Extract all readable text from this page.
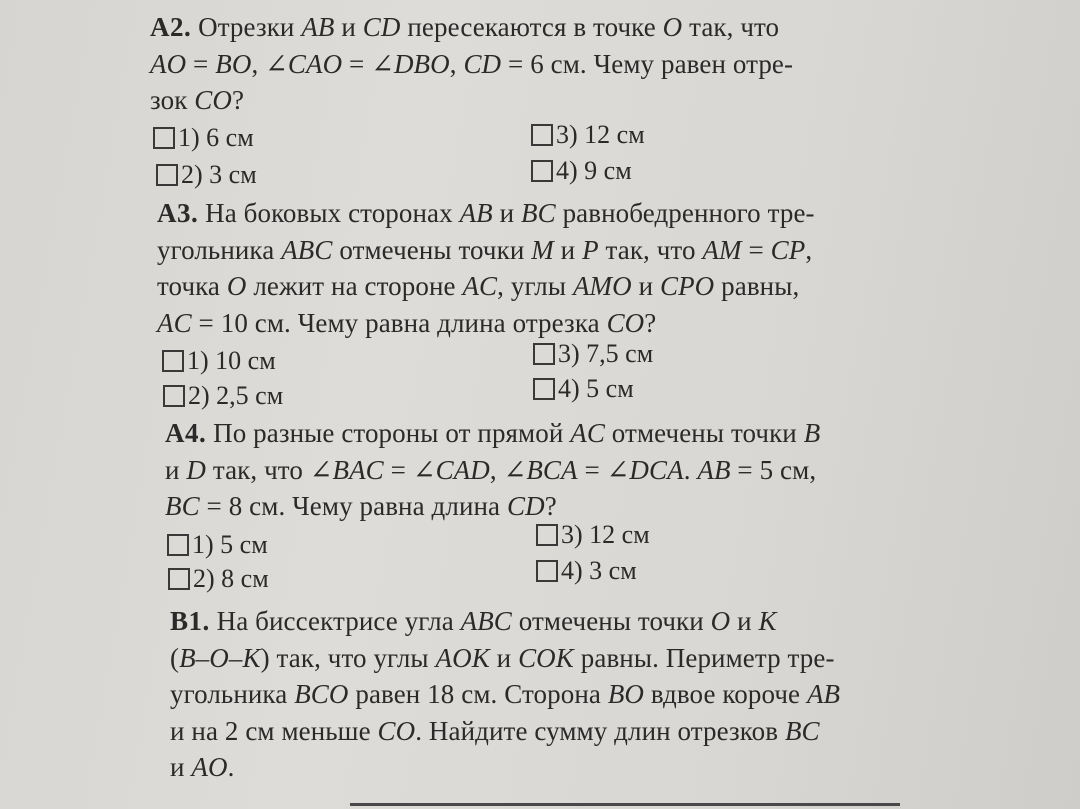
A2. Отрезки AB и CD пересекаются в точке O так, что
AO = BO, ∠CAO = ∠DBO, CD = 6 см. Чему равен отре-
зок CO?
1) 6 см
2) 3 см
3) 12 см
4) 9 см
A3. На боковых сторонах AB и BC равнобедренного тре-
угольника ABC отмечены точки M и P так, что AM = CP,
точка O лежит на стороне AC, углы AMO и CPO равны,
AC = 10 см. Чему равна длина отрезка CO?
1) 10 см
2) 2,5 см
3) 7,5 см
4) 5 см
A4. По разные стороны от прямой AC отмечены точки B
и D так, что ∠BAC = ∠CAD, ∠BCA = ∠DCA. AB = 5 см,
BC = 8 см. Чему равна длина CD?
1) 5 см
2) 8 см
3) 12 см
4) 3 см
B1. На биссектрисе угла ABC отмечены точки O и K
(B–O–K) так, что углы AOK и COK равны. Периметр тре-
угольника BCO равен 18 см. Сторона BO вдвое короче AB
и на 2 см меньше CO. Найдите сумму длин отрезков BC
и AO.
